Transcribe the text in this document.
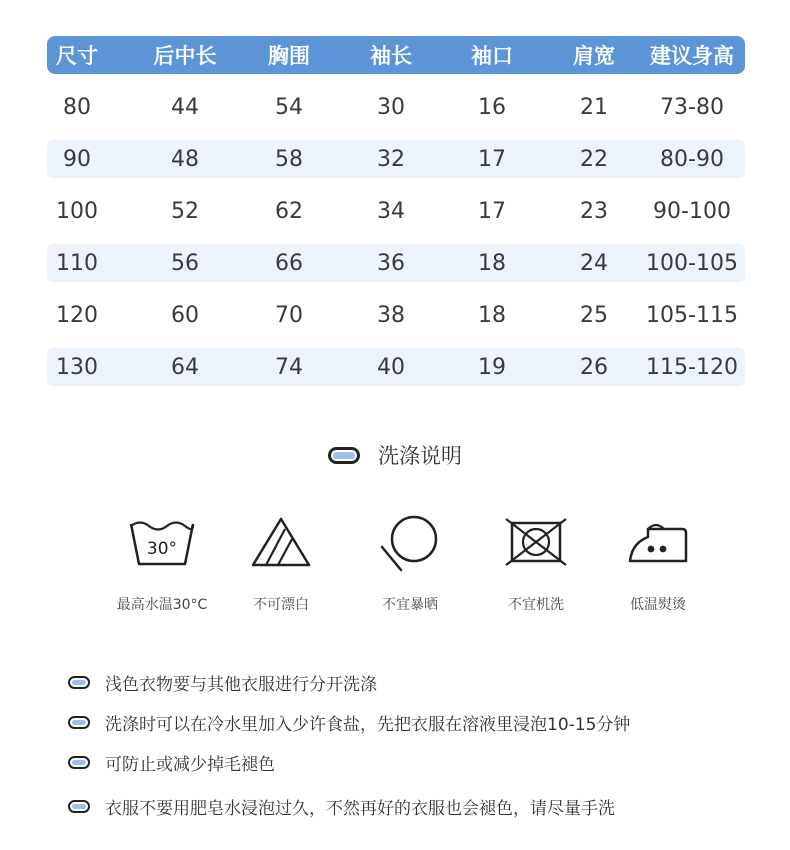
尺寸	后中长	胸围	袖长	袖口	肩宽	建议身高
80	44	54	30	16	21	73-80
90	48	58	32	17	22	80-90
100	52	62	34	17	23	90-100
110	56	66	36	18	24	100-105
120	60	70	38	18	25	105-115
130	64	74	40	19	26	115-120
洗涤说明
30°
最高水温30°C	不可漂白	不宜暴晒	不宜机洗	低温熨烫
浅色衣物要与其他衣服进行分开洗涤
洗涤时可以在冷水里加入少许食盐，先把衣服在溶液里浸泡10-15分钟
可防止或减少掉毛褪色
衣服不要用肥皂水浸泡过久，不然再好的衣服也会褪色，请尽量手洗
